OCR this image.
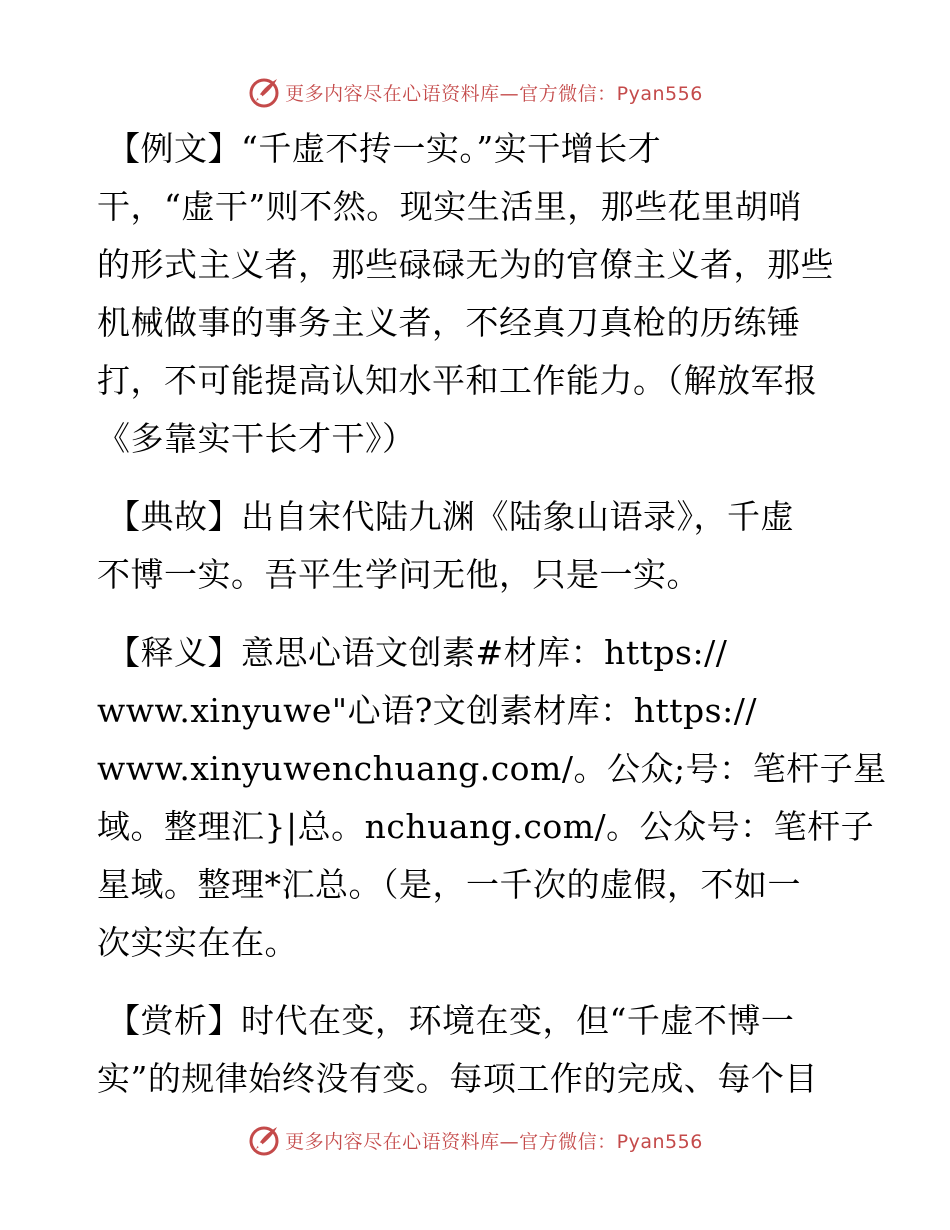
更多内容尽在心语资料库—官方微信：Pyan556
【例文】“千虚不抟一实。”实干增长才
干，“虚干”则不然。现实生活里，那些花里胡哨
的形式主义者，那些碌碌无为的官僚主义者，那些
机械做事的事务主义者，不经真刀真枪的历练锤
打，不可能提高认知水平和工作能力。（解放军报
《多靠实干长才干》）
【典故】出自宋代陆九渊《陆象山语录》，千虚
不博一实。吾平生学问无他，只是一实。
【释义】意思心语文创素#材库：https://
www.xinyuwe"心语?文创素材库：https://
www.xinyuwenchuang.com/。公众;号：笔杆子星
域。整理汇}|总。nchuang.com/。公众号：笔杆子
星域。整理*汇总。（是，一千次的虚假，不如一
次实实在在。
【赏析】时代在变，环境在变，但“千虚不博一
实”的规律始终没有变。每项工作的完成、每个目
更多内容尽在心语资料库—官方微信：Pyan556
